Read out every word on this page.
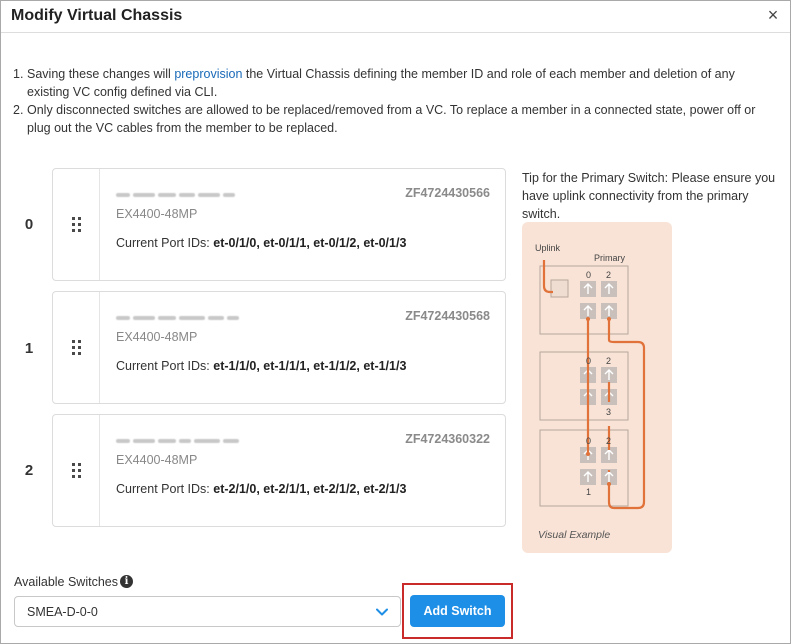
Modify Virtual Chassis	×
1. Saving these changes will preprovision the Virtual Chassis defining the member ID and role of each member and deletion of any existing VC config defined via CLI.
2. Only disconnected switches are allowed to be replaced/removed from a VC. To replace a member in a connected state, power off or plug out the VC cables from the member to be replaced.
0
ZF4724430566
EX4400-48MP
Current Port IDs: et-0/1/0, et-0/1/1, et-0/1/2, et-0/1/3
1
ZF4724430568
EX4400-48MP
Current Port IDs: et-1/1/0, et-1/1/1, et-1/1/2, et-1/1/3
2
ZF4724360322
EX4400-48MP
Current Port IDs: et-2/1/0, et-2/1/1, et-2/1/2, et-2/1/3
Tip for the Primary Switch: Please ensure you have uplink connectivity from the primary switch.
Uplink
Primary
0 2
0 2
3
0 2
1
Visual Example
Available Switches i
SMEA-D-0-0	Add Switch
